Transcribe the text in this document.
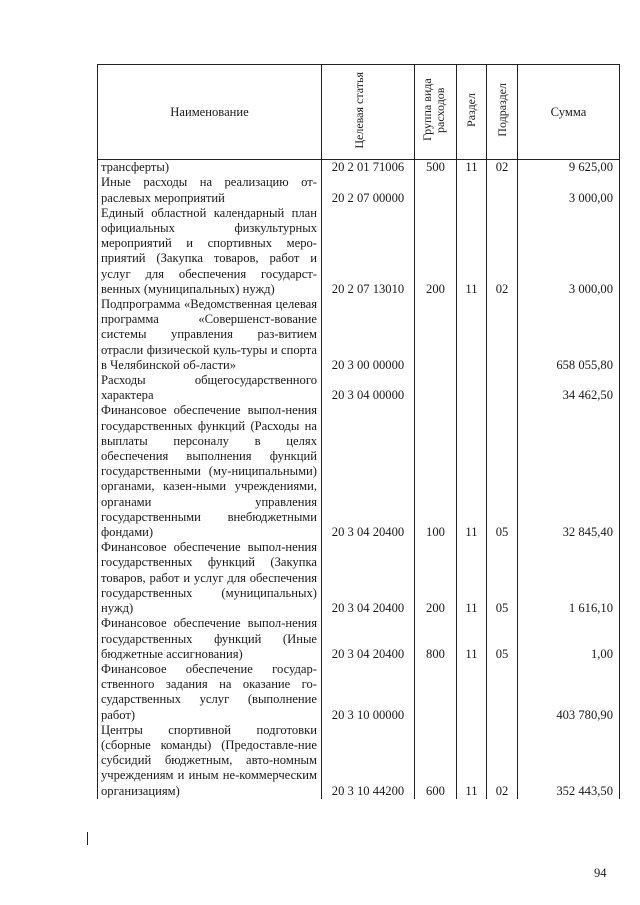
Наименование	Целевая статья	Группа вида расходов	Раздел	Подраздел	Сумма
трансферты)	20 2 01 71006	500	11	02	9 625,00

Иные расходы на реализацию от-раслевых мероприятий	20 2 07 00000				3 000,00

Единый областной календарный план официальных физкультурных мероприятий и спортивных меро-приятий (Закупка товаров, работ и услуг для обеспечения государст-венных (муниципальных) нужд)	20 2 07 13010	200	11	02	3 000,00

Подпрограмма «Ведомственная целевая программа «Совершенст-вование системы управления раз-витием отрасли физической куль-туры и спорта в Челябинской об-ласти»	20 3 00 00000				658 055,80

Расходы общегосударственного характера	20 3 04 00000				34 462,50

Финансовое обеспечение выпол-нения государственных функций (Расходы на выплаты персоналу в целях обеспечения выполнения функций государственными (му-ниципальными) органами, казен-ными учреждениями, органами управления государственными внебюджетными фондами)	20 3 04 20400	100	11	05	32 845,40

Финансовое обеспечение выпол-нения государственных функций (Закупка товаров, работ и услуг для обеспечения государственных (муниципальных) нужд)	20 3 04 20400	200	11	05	1 616,10

Финансовое обеспечение выпол-нения государственных функций (Иные бюджетные ассигнования)	20 3 04 20400	800	11	05	1,00

Финансовое обеспечение государ-ственного задания на оказание го-сударственных услуг (выполнение работ)	20 3 10 00000				403 780,90

Центры спортивной подготовки (сборные команды) (Предоставле-ние субсидий бюджетным, авто-номным учреждениям и иным не-коммерческим организациям)	20 3 10 44200	600	11	02	352 443,50
94
